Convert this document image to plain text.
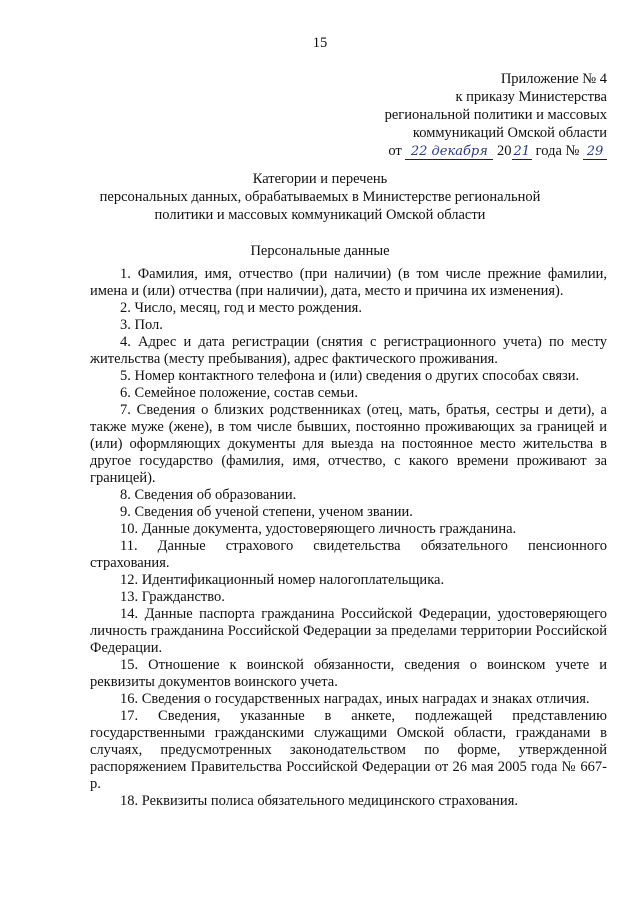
15
Приложение № 4
к приказу Министерства
региональной политики и массовых
коммуникаций Омской области
от 22 декабря 20 21 года № 29
Категории и перечень
персональных данных, обрабатываемых в Министерстве региональной
политики и массовых коммуникаций Омской области
Персональные данные

1. Фамилия, имя, отчество (при наличии) (в том числе прежние фамилии, имена и (или) отчества (при наличии), дата, место и причина их изменения).

2. Число, месяц, год и место рождения.

3. Пол.

4. Адрес и дата регистрации (снятия с регистрационного учета) по месту жительства (месту пребывания), адрес фактического проживания.

5. Номер контактного телефона и (или) сведения о других способах связи.

6. Семейное положение, состав семьи.

7. Сведения о близких родственниках (отец, мать, братья, сестры и дети), а также муже (жене), в том числе бывших, постоянно проживающих за границей и (или) оформляющих документы для выезда на постоянное место жительства в другое государство (фамилия, имя, отчество, с какого времени проживают за границей).

8. Сведения об образовании.

9. Сведения об ученой степени, ученом звании.

10. Данные документа, удостоверяющего личность гражданина.

11. Данные страхового свидетельства обязательного пенсионного страхования.

12. Идентификационный номер налогоплательщика.

13. Гражданство.

14. Данные паспорта гражданина Российской Федерации, удостоверяющего личность гражданина Российской Федерации за пределами территории Российской Федерации.

15. Отношение к воинской обязанности, сведения о воинском учете и реквизиты документов воинского учета.

16. Сведения о государственных наградах, иных наградах и знаках отличия.

17. Сведения, указанные в анкете, подлежащей представлению государственными гражданскими служащими Омской области, гражданами в случаях, предусмотренных законодательством по форме, утвержденной распоряжением Правительства Российской Федерации от 26 мая 2005 года № 667-р.

18. Реквизиты полиса обязательного медицинского страхования.
